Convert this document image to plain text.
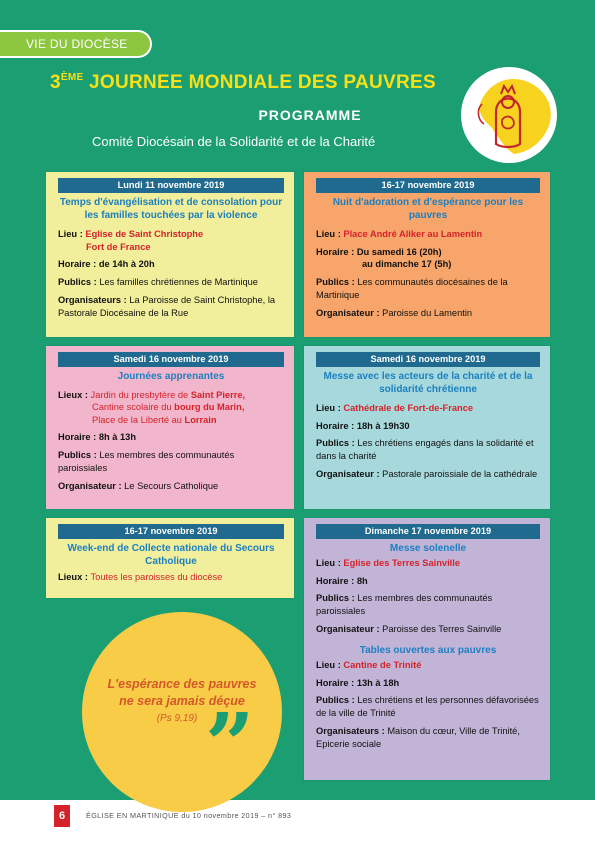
VIE DU DIOCÈSE
3ÈME JOURNEE MONDIALE DES PAUVRES
PROGRAMME
Comité Diocésain de la Solidarité et de la Charité
Lundi 11 novembre 2019
Temps d'évangélisation et de consolation pour les familles touchées par la violence

Lieu : Eglise de Saint Christophe
Fort de France

Horaire : de 14h à 20h

Publics : Les familles chrétiennes de Martinique

Organisateurs : La Paroisse de Saint Christophe, la Pastorale Diocésaine de la Rue

16-17 novembre 2019
Nuit d'adoration et d'espérance pour les pauvres

Lieu : Place André Aliker au Lamentin

Horaire : Du samedi 16 (20h)
au dimanche 17 (5h)

Publics : Les communautés diocésaines de la Martinique

Organisateur : Paroisse du Lamentin

Samedi 16 novembre 2019
Journées apprenantes

Lieux : Jardin du presbytère de Saint Pierre,
Cantine scolaire du bourg du Marin,
Place de la Liberté au Lorrain

Horaire : 8h à 13h

Publics : Les membres des communautés paroissiales

Organisateur : Le Secours Catholique

Samedi 16 novembre 2019
Messe avec les acteurs de la charité et de la solidarité chrétienne

Lieu : Cathédrale de Fort-de-France

Horaire : 18h à 19h30

Publics : Les chrétiens engagés dans la solidarité et dans la charité

Organisateur : Pastorale paroissiale de la cathédrale

16-17 novembre 2019
Week-end de Collecte nationale du Secours Catholique

Lieux : Toutes les paroisses du diocèse

Dimanche 17 novembre 2019
Messe solenelle

Lieu : Eglise des Terres Sainville

Horaire : 8h

Publics : Les membres des communautés paroissiales

Organisateur : Paroisse des Terres Sainville

Tables ouvertes aux pauvres

Lieu : Cantine de Trinité

Horaire : 13h à 18h

Publics : Les chrétiens et les personnes défavorisées de la ville de Trinité

Organisateurs : Maison du cœur, Ville de Trinité, Epicerie sociale

L'espérance des pauvres
ne sera jamais déçue
(Ps 9,19) ”
6	ÉGLISE EN MARTINIQUE du 10 novembre 2019 – n° 893
